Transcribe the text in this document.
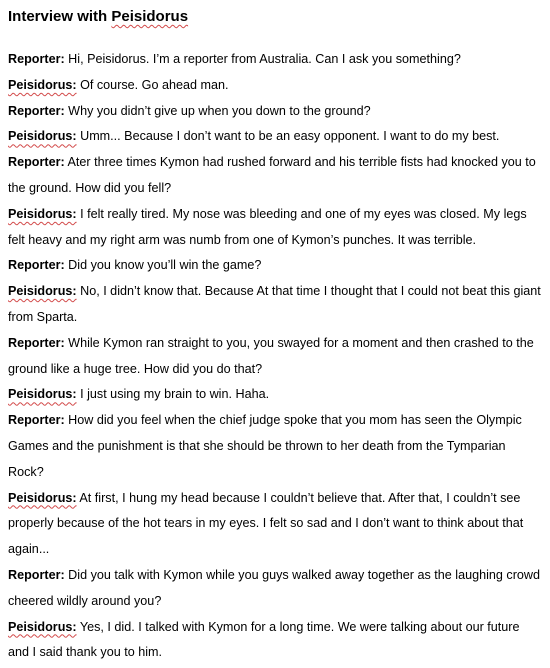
Interview with Peisidorus

Reporter: Hi, Peisidorus. I’m a reporter from Australia. Can I ask you something?

Peisidorus: Of course. Go ahead man.

Reporter: Why you didn’t give up when you down to the ground?

Peisidorus: Umm... Because I don’t want to be an easy opponent. I want to do my best.

Reporter: Ater three times Kymon had rushed forward and his terrible fists had knocked you to the ground. How did you fell?

Peisidorus: I felt really tired. My nose was bleeding and one of my eyes was closed. My legs felt heavy and my right arm was numb from one of Kymon’s punches. It was terrible.

Reporter: Did you know you’ll win the game?

Peisidorus: No, I didn’t know that. Because At that time I thought that I could not beat this giant from Sparta.

Reporter: While Kymon ran straight to you, you swayed for a moment and then crashed to the ground like a huge tree. How did you do that?

Peisidorus: I just using my brain to win. Haha.

Reporter: How did you feel when the chief judge spoke that you mom has seen the Olympic Games and the punishment is that she should be thrown to her death from the Tymparian Rock?

Peisidorus: At first, I hung my head because I couldn’t believe that. After that, I couldn’t see properly because of the hot tears in my eyes. I felt so sad and I don’t want to think about that again...

Reporter: Did you talk with Kymon while you guys walked away together as the laughing crowd cheered wildly around you?

Peisidorus: Yes, I did. I talked with Kymon for a long time. We were talking about our future and I said thank you to him.
